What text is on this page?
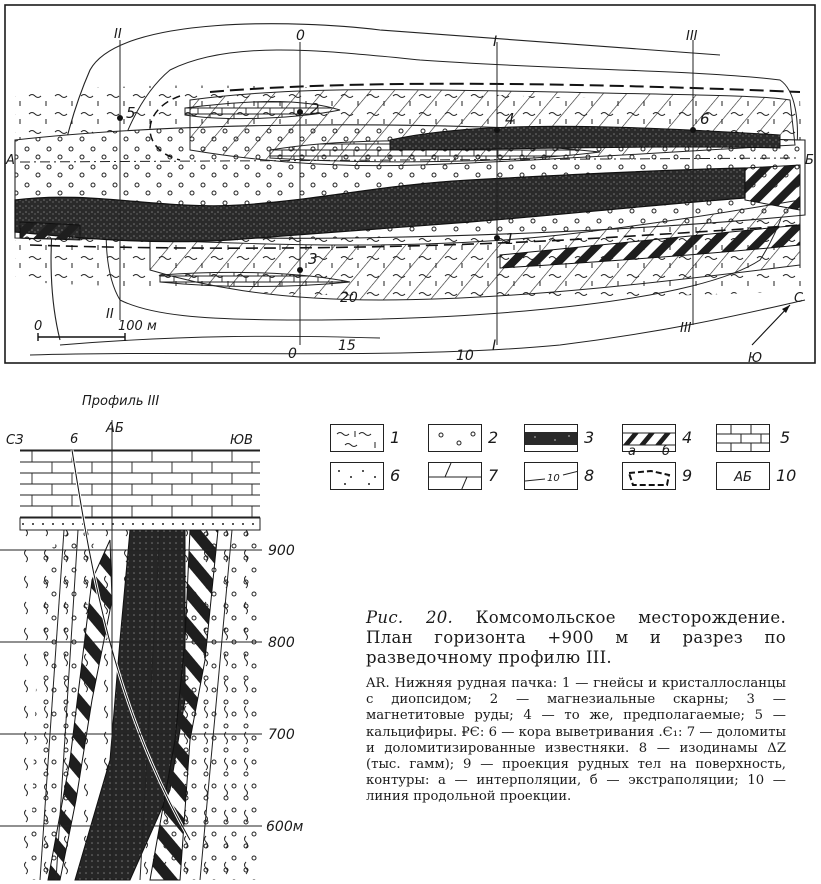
II
II
0
0
I
I
III
III
А	Б
1
2
3
4
5	6
20
15
10
0	100 м
С
Ю
Профиль III
СЗ	6
АБ
ЮВ
900
800
700
600м
1	2	3	4	5
6	7	10 8
а б
9	АБ	10
Рис. 20. Комсомольское месторождение. План горизонта +900 м и разрез по разведочному профилю III.
AR. Нижняя рудная пачка: 1 — гнейсы и кристаллосланцы с диопсидом; 2 — магнезиальные скарны; 3 — магнетитовые руды; 4 — то же, предполагаемые; 5 — кальцифиры. ₽Є: 6 — кора выветривания .Є₁: 7 — доломиты и доломитизированные известняки. 8 — изодинамы ΔZ (тыс. гамм); 9 — проекция рудных тел на поверхность, контуры: а — интерполяции, б — экстраполяции; 10 — линия продольной проекции.
